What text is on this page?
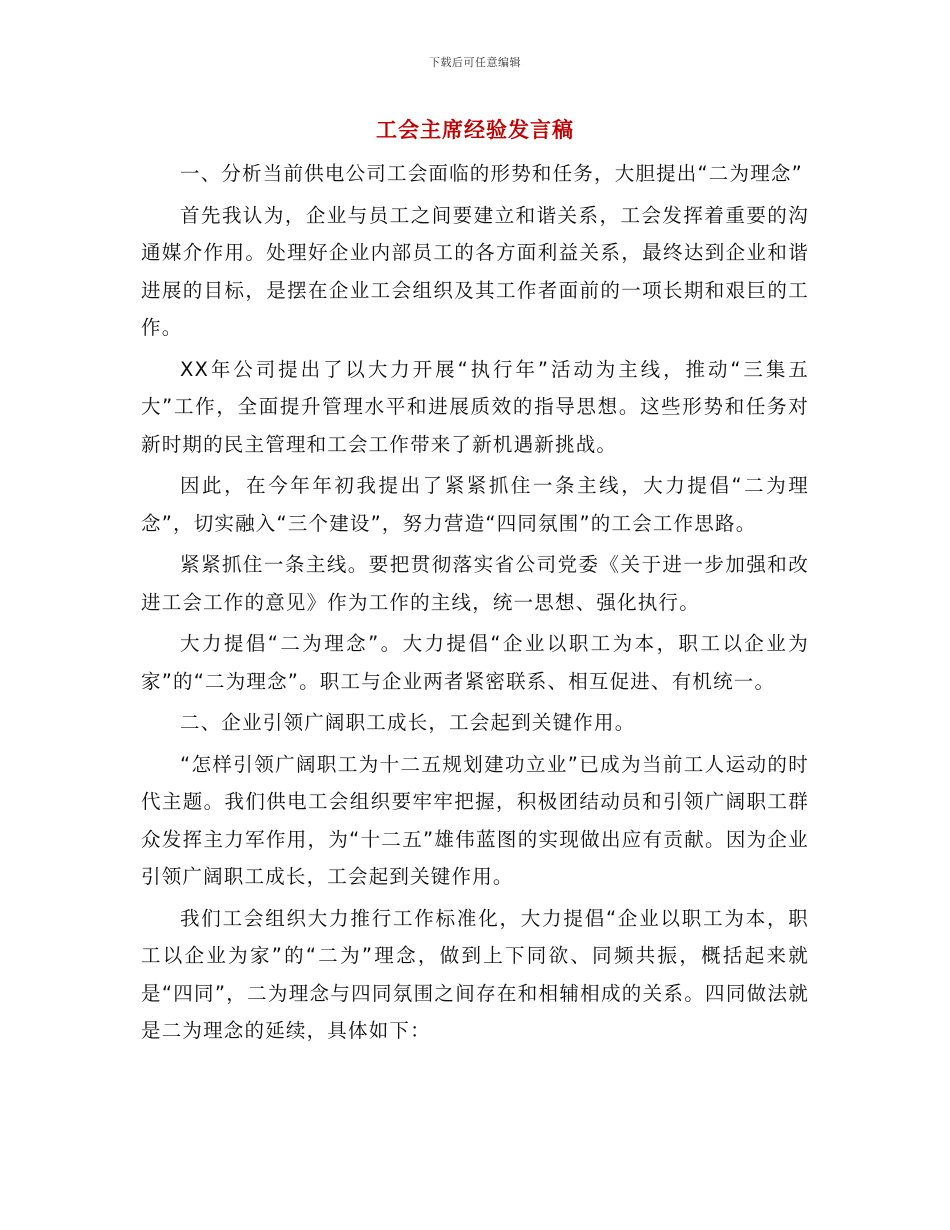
下载后可任意编辑
工会主席经验发言稿

一、分析当前供电公司工会面临的形势和任务，大胆提出“二为理念”

首先我认为，企业与员工之间要建立和谐关系，工会发挥着重要的沟通媒介作用。处理好企业内部员工的各方面利益关系，最终达到企业和谐进展的目标，是摆在企业工会组织及其工作者面前的一项长期和艰巨的工作。

XX年公司提出了以大力开展“执行年”活动为主线，推动“三集五大”工作，全面提升管理水平和进展质效的指导思想。这些形势和任务对新时期的民主管理和工会工作带来了新机遇新挑战。

因此，在今年年初我提出了紧紧抓住一条主线，大力提倡“二为理念”，切实融入“三个建设”，努力营造“四同氛围”的工会工作思路。

紧紧抓住一条主线。要把贯彻落实省公司党委《关于进一步加强和改进工会工作的意见》作为工作的主线，统一思想、强化执行。

大力提倡“二为理念”。大力提倡“企业以职工为本，职工以企业为家”的“二为理念”。职工与企业两者紧密联系、相互促进、有机统一。

二、企业引领广阔职工成长，工会起到关键作用。

“怎样引领广阔职工为十二五规划建功立业”已成为当前工人运动的时代主题。我们供电工会组织要牢牢把握，积极团结动员和引领广阔职工群众发挥主力军作用，为“十二五”雄伟蓝图的实现做出应有贡献。因为企业引领广阔职工成长，工会起到关键作用。

我们工会组织大力推行工作标准化，大力提倡“企业以职工为本，职工以企业为家”的“二为”理念，做到上下同欲、同频共振，概括起来就是“四同”，二为理念与四同氛围之间存在和相辅相成的关系。四同做法就是二为理念的延续，具体如下：
